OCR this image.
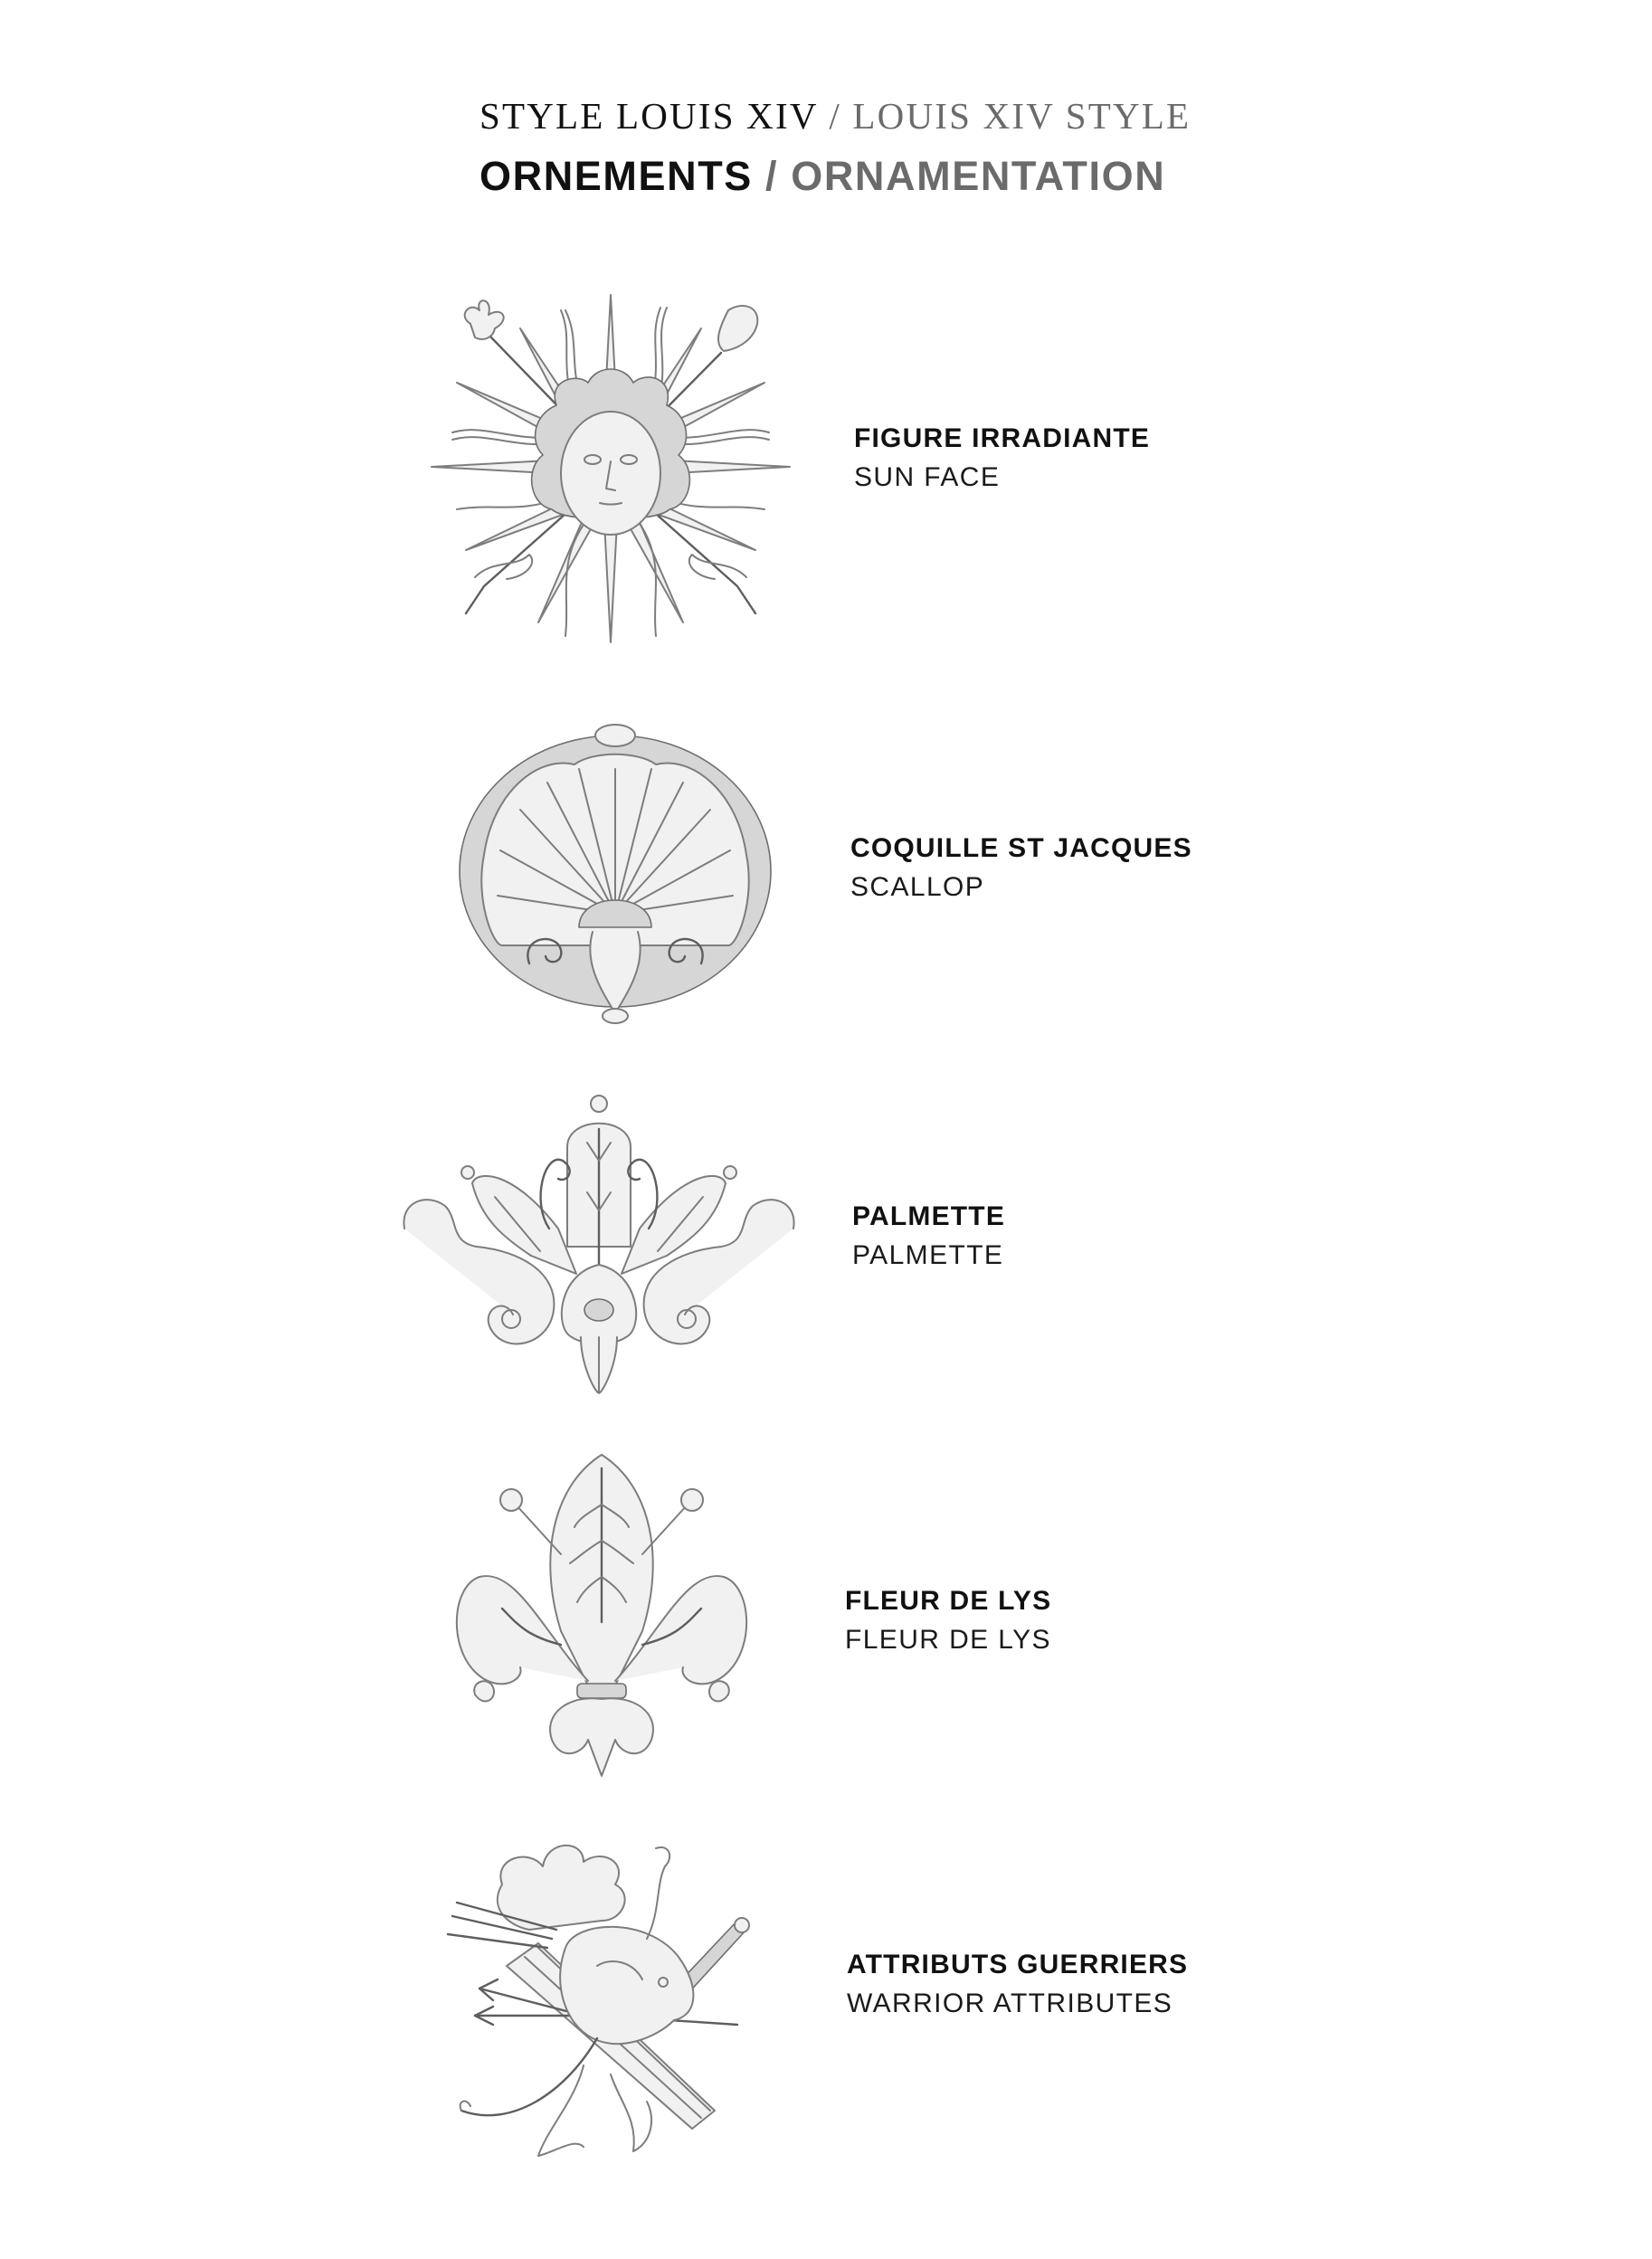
STYLE LOUIS XIV / LOUIS XIV STYLE
ORNEMENTS / ORNAMENTATION
FIGURE IRRADIANTE
SUN FACE
COQUILLE ST JACQUES
SCALLOP
PALMETTE
PALMETTE
FLEUR DE LYS
FLEUR DE LYS
ATTRIBUTS GUERRIERS
WARRIOR ATTRIBUTES
